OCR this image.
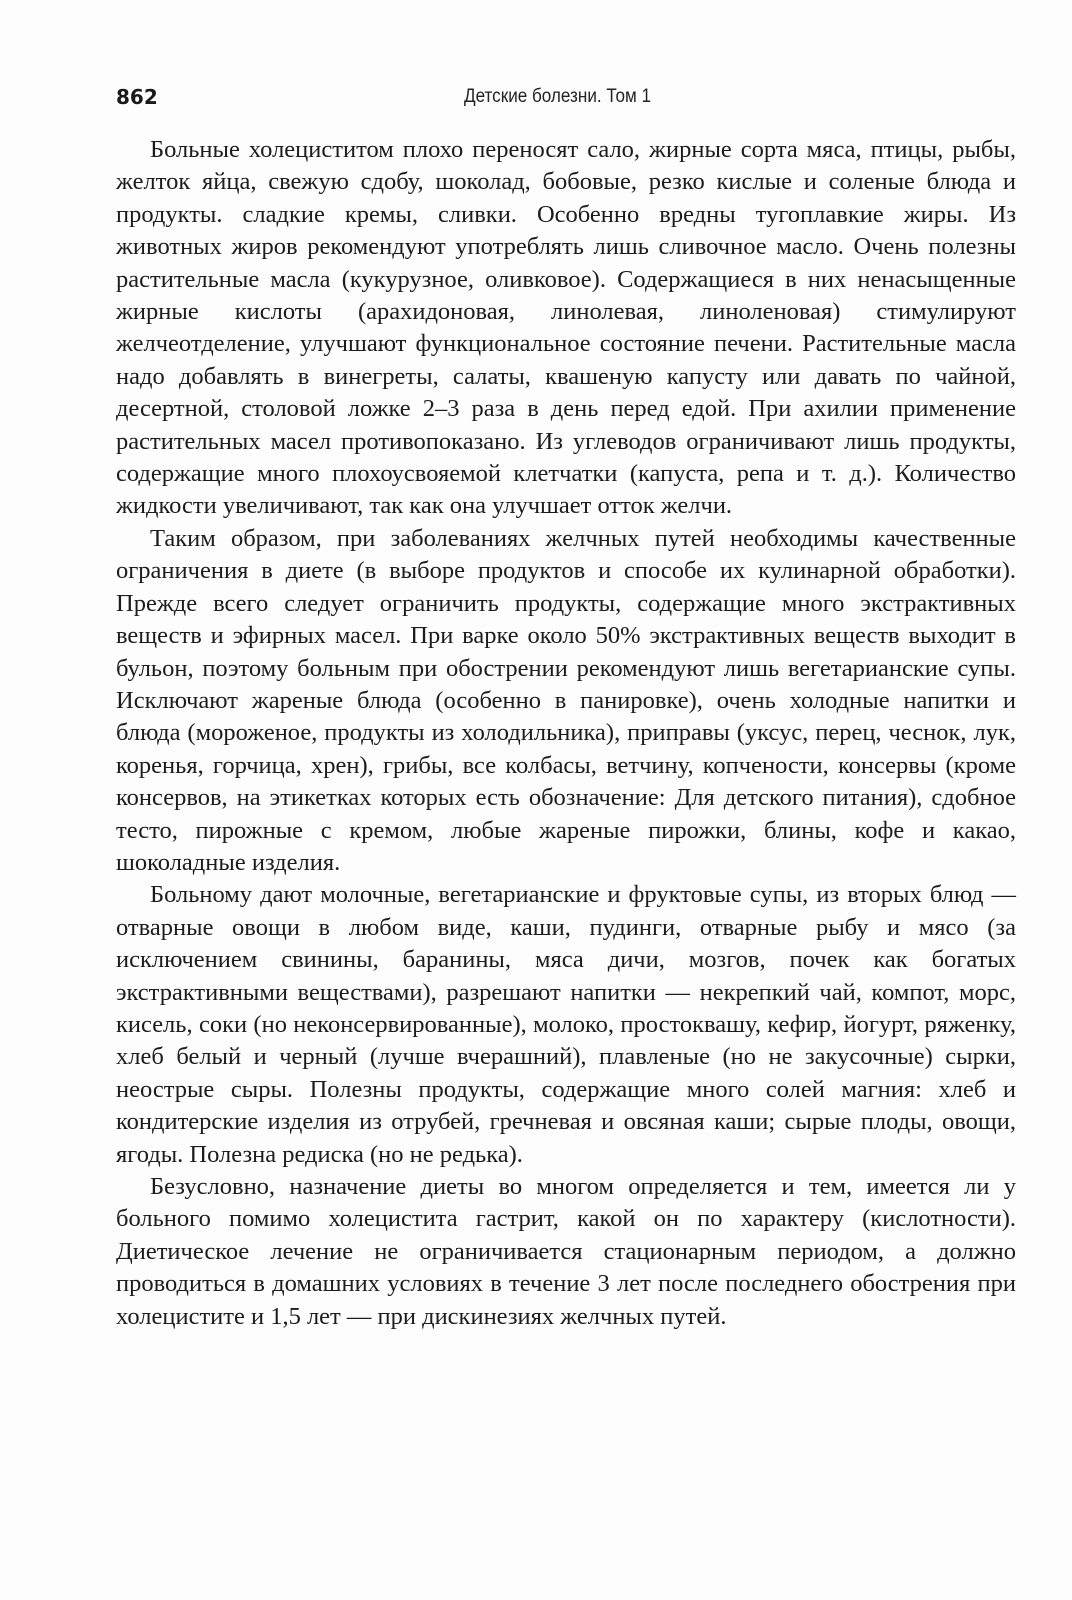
862	Детские болезни. Том 1

Больные холециститом плохо переносят сало, жирные сорта мяса, птицы, рыбы, желток яйца, свежую сдобу, шоколад, бобовые, резко кислые и соленые блюда и продукты. сладкие кремы, сливки. Особенно вредны тугоплавкие жиры. Из животных жиров рекомендуют употреблять лишь сливочное масло. Очень полезны растительные масла (кукурузное, оливковое). Содержащиеся в них ненасыщенные жирные кислоты (арахидоновая, линолевая, линоленовая) стимулируют желчеотделение, улучшают функциональное состояние печени. Растительные масла надо добавлять в винегреты, салаты, квашеную капусту или давать по чайной, десертной, столовой ложке 2–3 раза в день перед едой. При ахилии применение растительных масел противопоказано. Из углеводов ограничивают лишь продукты, содержащие много плохоусвояемой клетчатки (капуста, репа и т. д.). Количество жидкости увеличивают, так как она улучшает отток желчи.

Таким образом, при заболеваниях желчных путей необходимы качественные ограничения в диете (в выборе продуктов и способе их кулинарной обработки). Прежде всего следует ограничить продукты, содержащие много экстрактивных веществ и эфирных масел. При варке около 50% экстрактивных веществ выходит в бульон, поэтому больным при обострении рекомендуют лишь вегетарианские супы. Исключают жареные блюда (особенно в панировке), очень холодные напитки и блюда (мороженое, продукты из холодильника), приправы (уксус, перец, чеснок, лук, коренья, горчица, хрен), грибы, все колбасы, ветчину, копчености, консервы (кроме консервов, на этикетках которых есть обозначение: Для детского питания), сдобное тесто, пирожные с кремом, любые жареные пирожки, блины, кофе и какао, шоколадные изделия.

Больному дают молочные, вегетарианские и фруктовые супы, из вторых блюд — отварные овощи в любом виде, каши, пудинги, отварные рыбу и мясо (за исключением свинины, баранины, мяса дичи, мозгов, почек как богатых экстрактивными веществами), разрешают напитки — некрепкий чай, компот, морс, кисель, соки (но неконсервированные), молоко, простоквашу, кефир, йогурт, ряженку, хлеб белый и черный (лучше вчерашний), плавленые (но не закусочные) сырки, неострые сыры. Полезны продукты, содержащие много солей магния: хлеб и кондитерские изделия из отрубей, гречневая и овсяная каши; сырые плоды, овощи, ягоды. Полезна редиска (но не редька).

Безусловно, назначение диеты во многом определяется и тем, имеется ли у больного помимо холецистита гастрит, какой он по характеру (кислотности). Диетическое лечение не ограничивается стационарным периодом, а должно проводиться в домашних условиях в течение 3 лет после последнего обострения при холецистите и 1,5 лет — при дискинезиях желчных путей.
